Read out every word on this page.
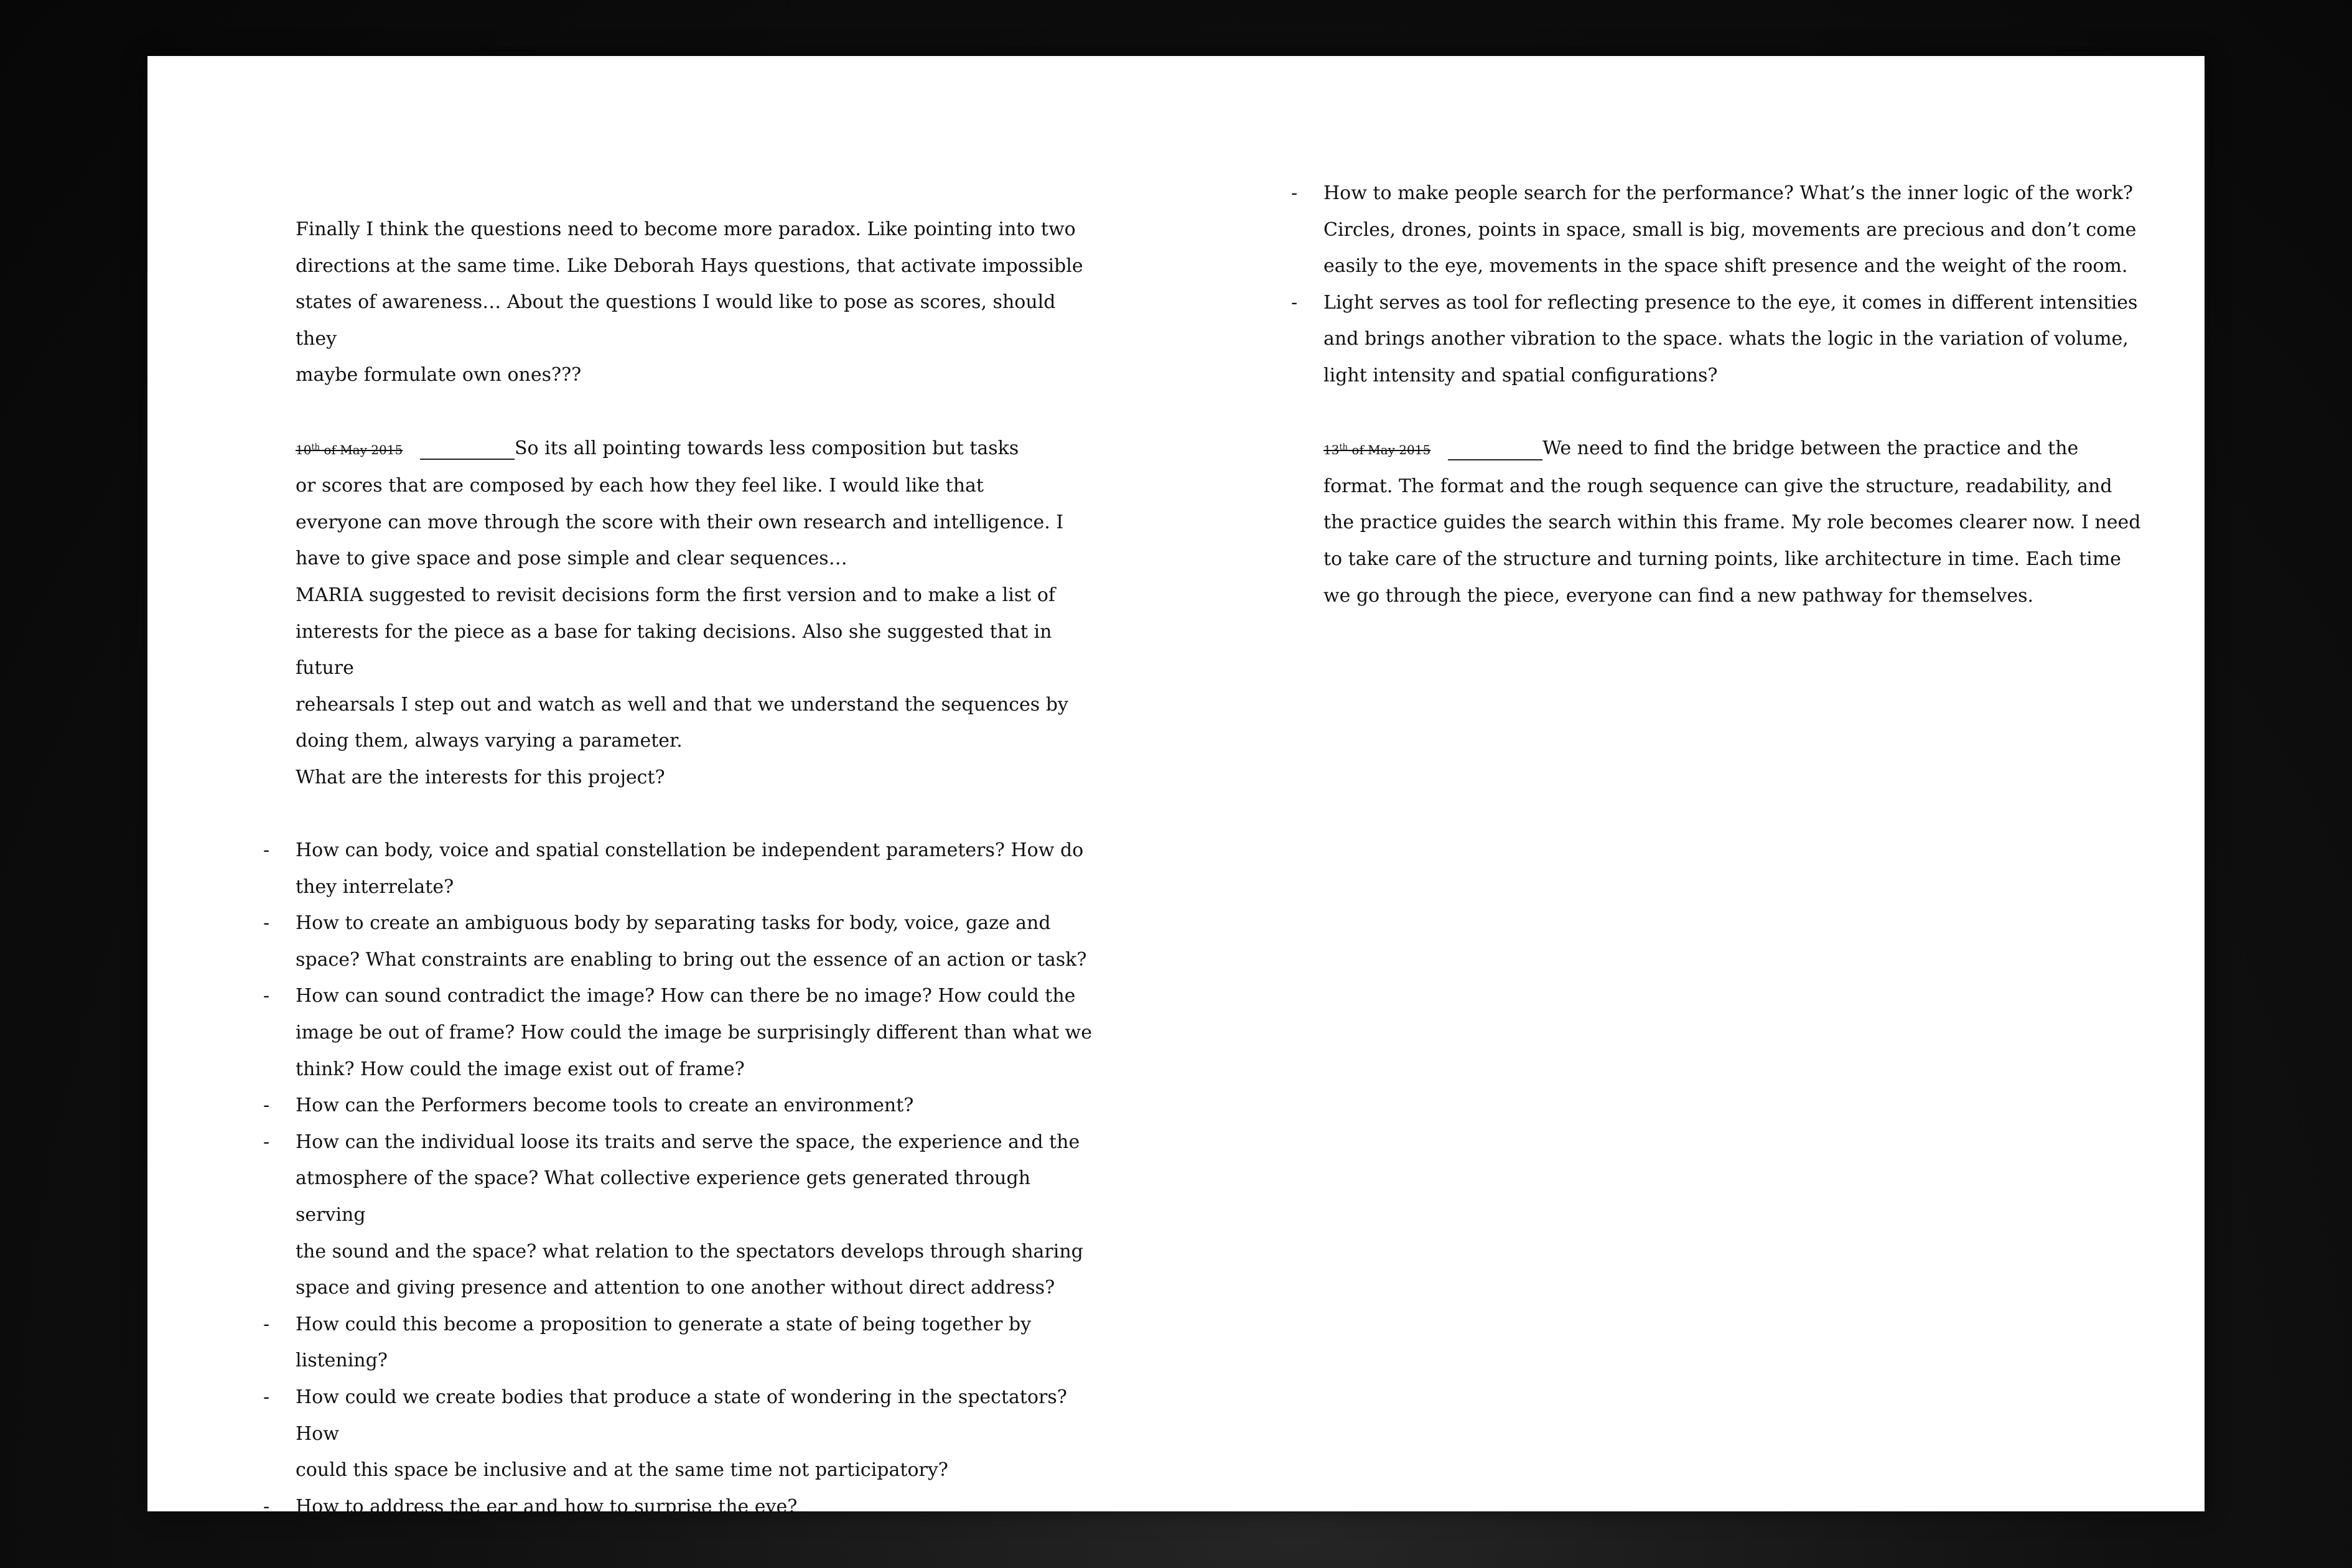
Finally I think the questions need to become more paradox. Like pointing into two
directions at the same time. Like Deborah Hays questions, that activate impossible
states of awareness… About the questions I would like to pose as scores, should they
maybe formulate own ones???

10th of May 2015	So its all pointing towards less composition but tasks
or scores that are composed by each how they feel like. I would like that
everyone can move through the score with their own research and intelligence. I
have to give space and pose simple and clear sequences…
MARIA suggested to revisit decisions form the first version and to make a list of
interests for the piece as a base for taking decisions. Also she suggested that in future
rehearsals I step out and watch as well and that we understand the sequences by
doing them, always varying a parameter.
What are the interests for this project?

- How can body, voice and spatial constellation be independent parameters? How do
they interrelate?
- How to create an ambiguous body by separating tasks for body, voice, gaze and
space? What constraints are enabling to bring out the essence of an action or task?
- How can sound contradict the image? How can there be no image? How could the
image be out of frame? How could the image be surprisingly different than what we
think? How could the image exist out of frame?
- How can the Performers become tools to create an environment?
- How can the individual loose its traits and serve the space, the experience and the
atmosphere of the space? What collective experience gets generated through serving
the sound and the space? what relation to the spectators develops through sharing
space and giving presence and attention to one another without direct address?
- How could this become a proposition to generate a state of being together by
listening?
- How could we create bodies that produce a state of wondering in the spectators? How
could this space be inclusive and at the same time not participatory?
- How to address the ear and how to surprise the eye?
- How to make people search for the performance? What’s the inner logic of the work?
Circles, drones, points in space, small is big, movements are precious and don’t come
easily to the eye, movements in the space shift presence and the weight of the room.
- Light serves as tool for reflecting presence to the eye, it comes in different intensities
and brings another vibration to the space. whats the logic in the variation of volume,
light intensity and spatial configurations?

13th of May 2015	We need to find the bridge between the practice and the
format. The format and the rough sequence can give the structure, readability, and
the practice guides the search within this frame. My role becomes clearer now. I need
to take care of the structure and turning points, like architecture in time. Each time
we go through the piece, everyone can find a new pathway for themselves.
